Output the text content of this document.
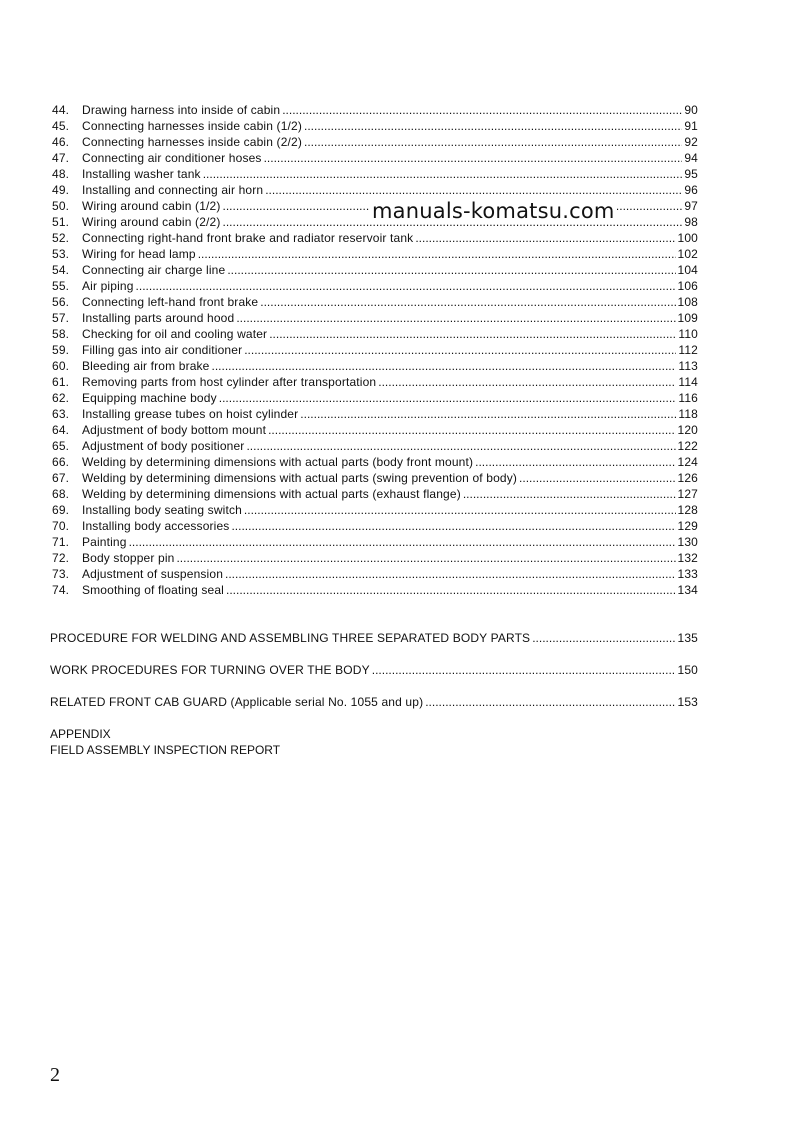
44.	Drawing harness into inside of cabin .....	90
45.	Connecting harnesses inside cabin (1/2) .....	91
46.	Connecting harnesses inside cabin (2/2) .....	92
47.	Connecting air conditioner hoses .....	94
48.	Installing washer tank .....	95
49.	Installing and connecting air horn .....	96
50.	Wiring around cabin (1/2) .....	97
51.	Wiring around cabin (2/2) .....	98
52.	Connecting right-hand front brake and radiator reservoir tank .....	100
53.	Wiring for head lamp .....	102
54.	Connecting air charge line .....	104
55.	Air piping .....	106
56.	Connecting left-hand front brake .....	108
57.	Installing parts around hood .....	109
58.	Checking for oil and cooling water .....	110
59.	Filling gas into air conditioner .....	112
60.	Bleeding air from brake .....	113
61.	Removing parts from host cylinder after transportation .....	114
62.	Equipping machine body .....	116
63.	Installing grease tubes on hoist cylinder .....	118
64.	Adjustment of body bottom mount .....	120
65.	Adjustment of body positioner .....	122
66.	Welding by determining dimensions with actual parts (body front mount) .....	124
67.	Welding by determining dimensions with actual parts (swing prevention of body) .....	126
68.	Welding by determining dimensions with actual parts (exhaust flange) .....	127
69.	Installing body seating switch .....	128
70.	Installing body accessories .....	129
71.	Painting .....	130
72.	Body stopper pin .....	132
73.	Adjustment of suspension .....	133
74.	Smoothing of floating seal .....	134
PROCEDURE FOR WELDING AND ASSEMBLING THREE SEPARATED BODY PARTS .....	135
WORK PROCEDURES FOR TURNING OVER THE BODY .....	150
RELATED FRONT CAB GUARD (Applicable serial No. 1055 and up) .....	153
APPENDIX
FIELD ASSEMBLY INSPECTION REPORT
manuals-komatsu.com
2
